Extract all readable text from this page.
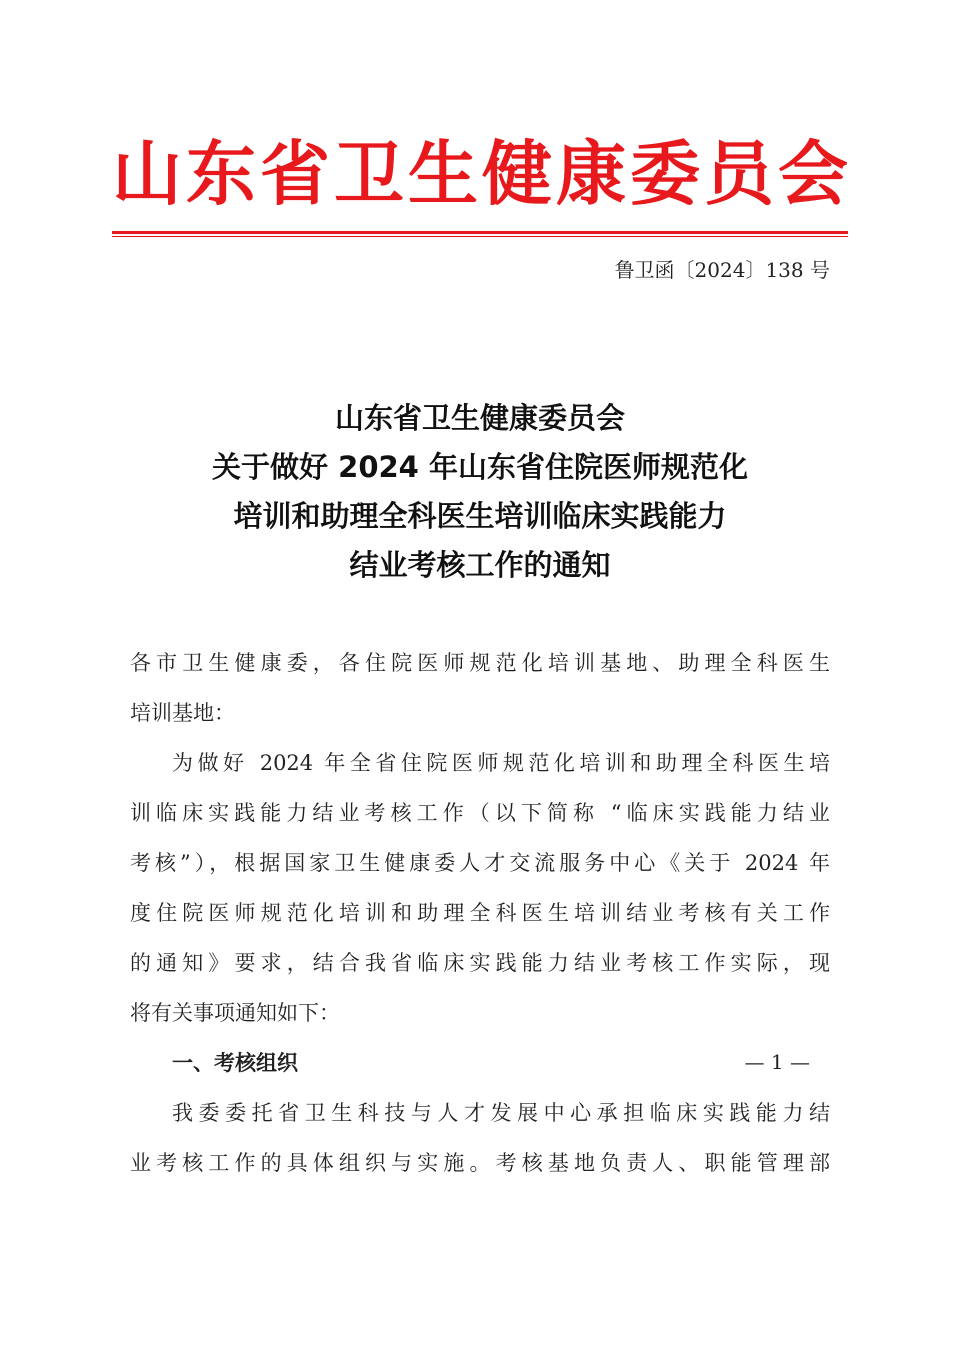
山 东 省 卫 生 健 康 委 员 会
鲁卫函〔2024〕138 号
山东省卫生健康委员会
关于做好 2024 年山东省住院医师规范化
培训和助理全科医生培训临床实践能力
结业考核工作的通知
各市卫生健康委，各住院医师规范化培训基地、助理全科医生
培训基地：
为做好 2024 年全省住院医师规范化培训和助理全科医生培
训临床实践能力结业考核工作（以下简称 “临床实践能力结业
考核”），根据国家卫生健康委人才交流服务中心《关于 2024 年
度住院医师规范化培训和助理全科医生培训结业考核有关工作
的通知》要求，结合我省临床实践能力结业考核工作实际，现
将有关事项通知如下：
一、考核组织
我委委托省卫生科技与人才发展中心承担临床实践能力结
业考核工作的具体组织与实施。考核基地负责人、职能管理部
— 1 —
